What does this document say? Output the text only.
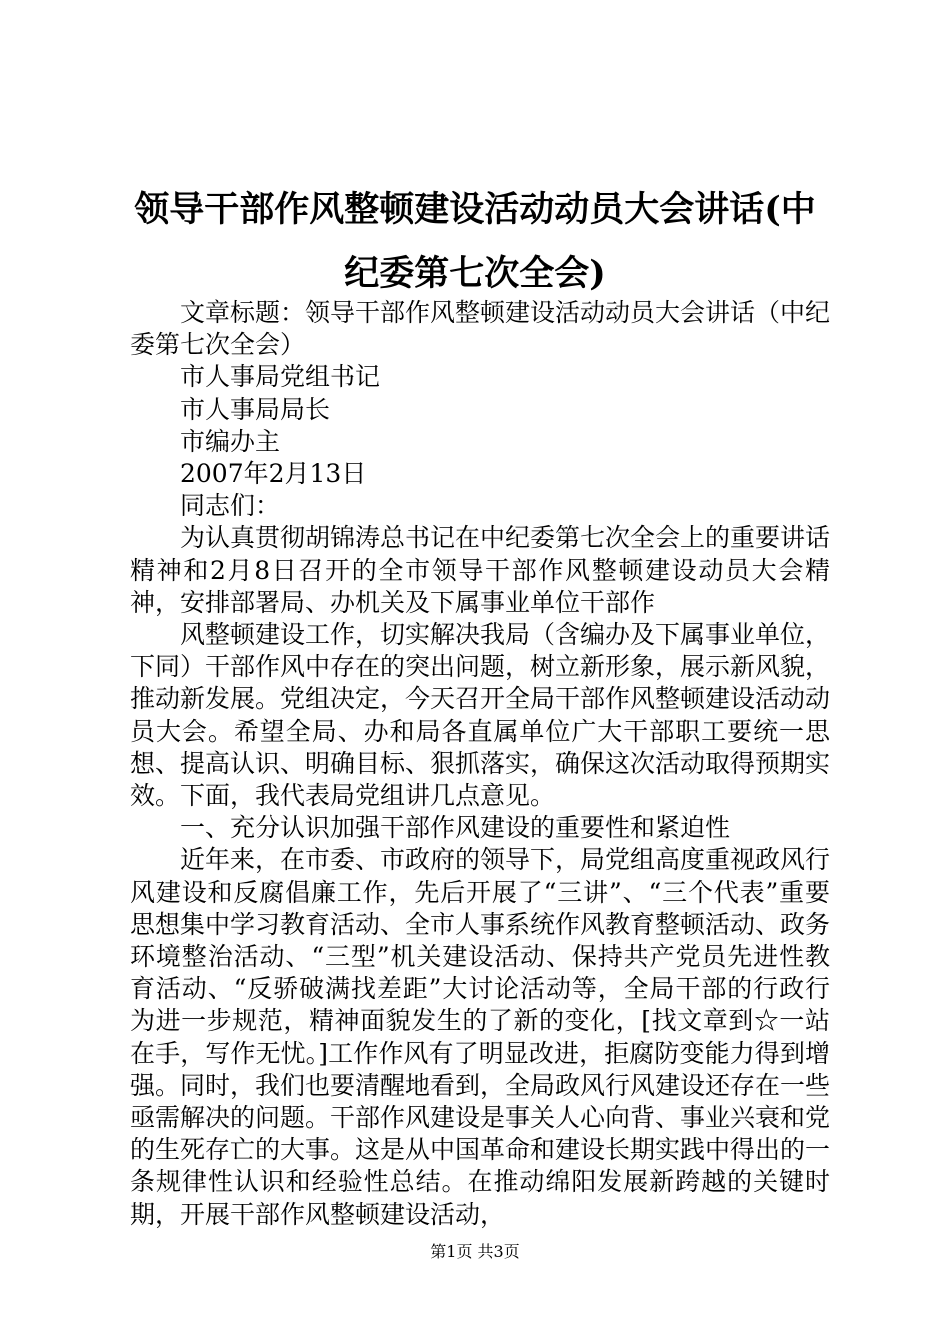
领导干部作风整顿建设活动动员大会讲话(中纪委第七次全会)

文章标题：领导干部作风整顿建设活动动员大会讲话（中纪委第七次全会）

市人事局党组书记

市人事局局长

市编办主

2007年2月13日

同志们：

为认真贯彻胡锦涛总书记在中纪委第七次全会上的重要讲话精神和2月8日召开的全市领导干部作风整顿建设动员大会精神，安排部署局、办机关及下属事业单位干部作

风整顿建设工作，切实解决我局（含编办及下属事业单位，下同）干部作风中存在的突出问题，树立新形象，展示新风貌，推动新发展。党组决定，今天召开全局干部作风整顿建设活动动员大会。希望全局、办和局各直属单位广大干部职工要统一思想、提高认识、明确目标、狠抓落实，确保这次活动取得预期实效。下面，我代表局党组讲几点意见。

一、充分认识加强干部作风建设的重要性和紧迫性

近年来，在市委、市政府的领导下，局党组高度重视政风行风建设和反腐倡廉工作，先后开展了“三讲”、“三个代表”重要思想集中学习教育活动、全市人事系统作风教育整顿活动、政务环境整治活动、“三型”机关建设活动、保持共产党员先进性教育活动、“反骄破满找差距”大讨论活动等，全局干部的行政行为进一步规范，精神面貌发生的了新的变化，[找文章到☆一站在手，写作无忧。]工作作风有了明显改进，拒腐防变能力得到增强。同时，我们也要清醒地看到，全局政风行风建设还存在一些亟需解决的问题。干部作风建设是事关人心向背、事业兴衰和党的生死存亡的大事。这是从中国革命和建设长期实践中得出的一条规律性认识和经验性总结。在推动绵阳发展新跨越的关键时期，开展干部作风整顿建设活动，

第1页 共3页
